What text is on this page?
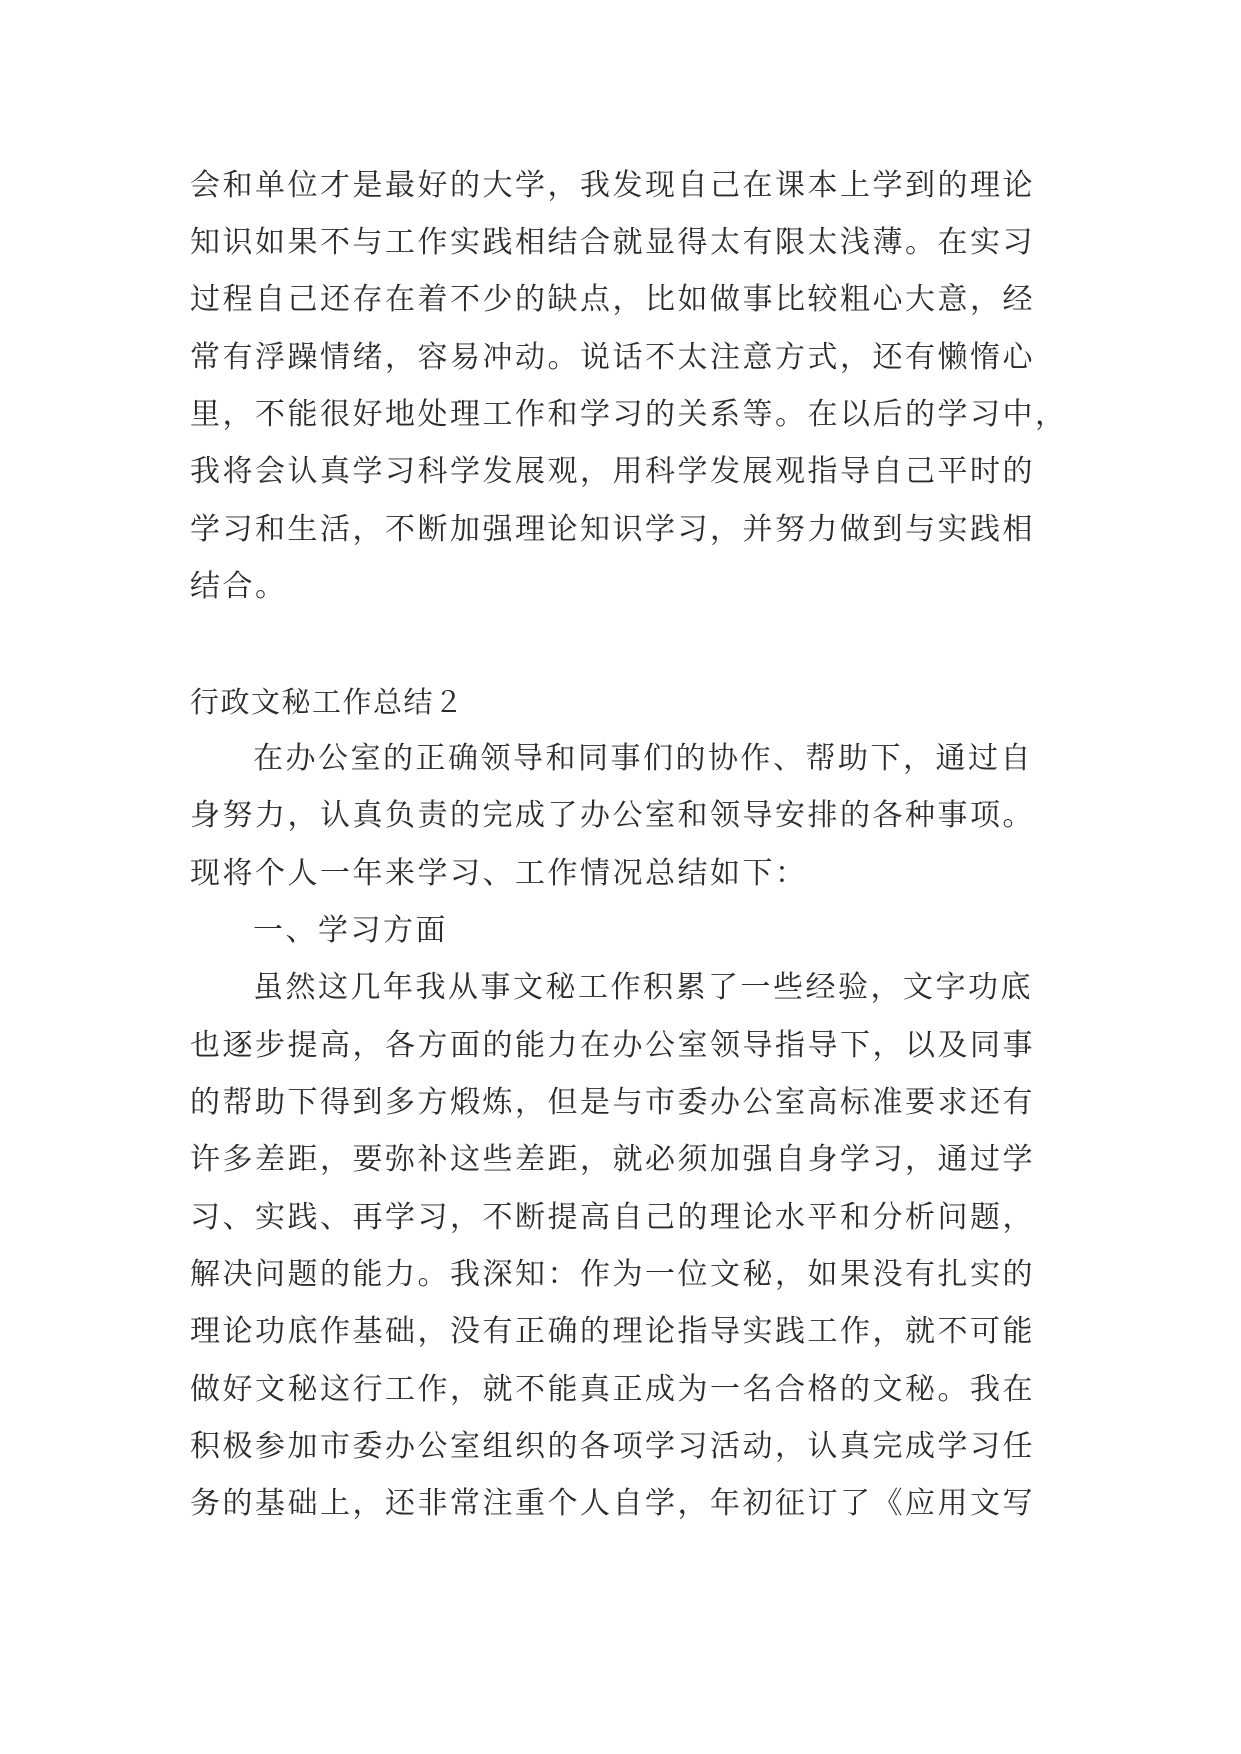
会和单位才是最好的大学，我发现自己在课本上学到的理论
知识如果不与工作实践相结合就显得太有限太浅薄。在实习
过程自己还存在着不少的缺点，比如做事比较粗心大意，经
常有浮躁情绪，容易冲动。说话不太注意方式，还有懒惰心
里，不能很好地处理工作和学习的关系等。在以后的学习中，
我将会认真学习科学发展观，用科学发展观指导自己平时的
学习和生活，不断加强理论知识学习，并努力做到与实践相
结合。
行政文秘工作总结２
在办公室的正确领导和同事们的协作、帮助下，通过自
身努力，认真负责的完成了办公室和领导安排的各种事项。
现将个人一年来学习、工作情况总结如下：
一、学习方面
虽然这几年我从事文秘工作积累了一些经验，文字功底
也逐步提高，各方面的能力在办公室领导指导下，以及同事
的帮助下得到多方煅炼，但是与市委办公室高标准要求还有
许多差距，要弥补这些差距，就必须加强自身学习，通过学
习、实践、再学习，不断提高自己的理论水平和分析问题，
解决问题的能力。我深知：作为一位文秘，如果没有扎实的
理论功底作基础，没有正确的理论指导实践工作，就不可能
做好文秘这行工作，就不能真正成为一名合格的文秘。我在
积极参加市委办公室组织的各项学习活动，认真完成学习任
务的基础上，还非常注重个人自学，年初征订了《应用文写
